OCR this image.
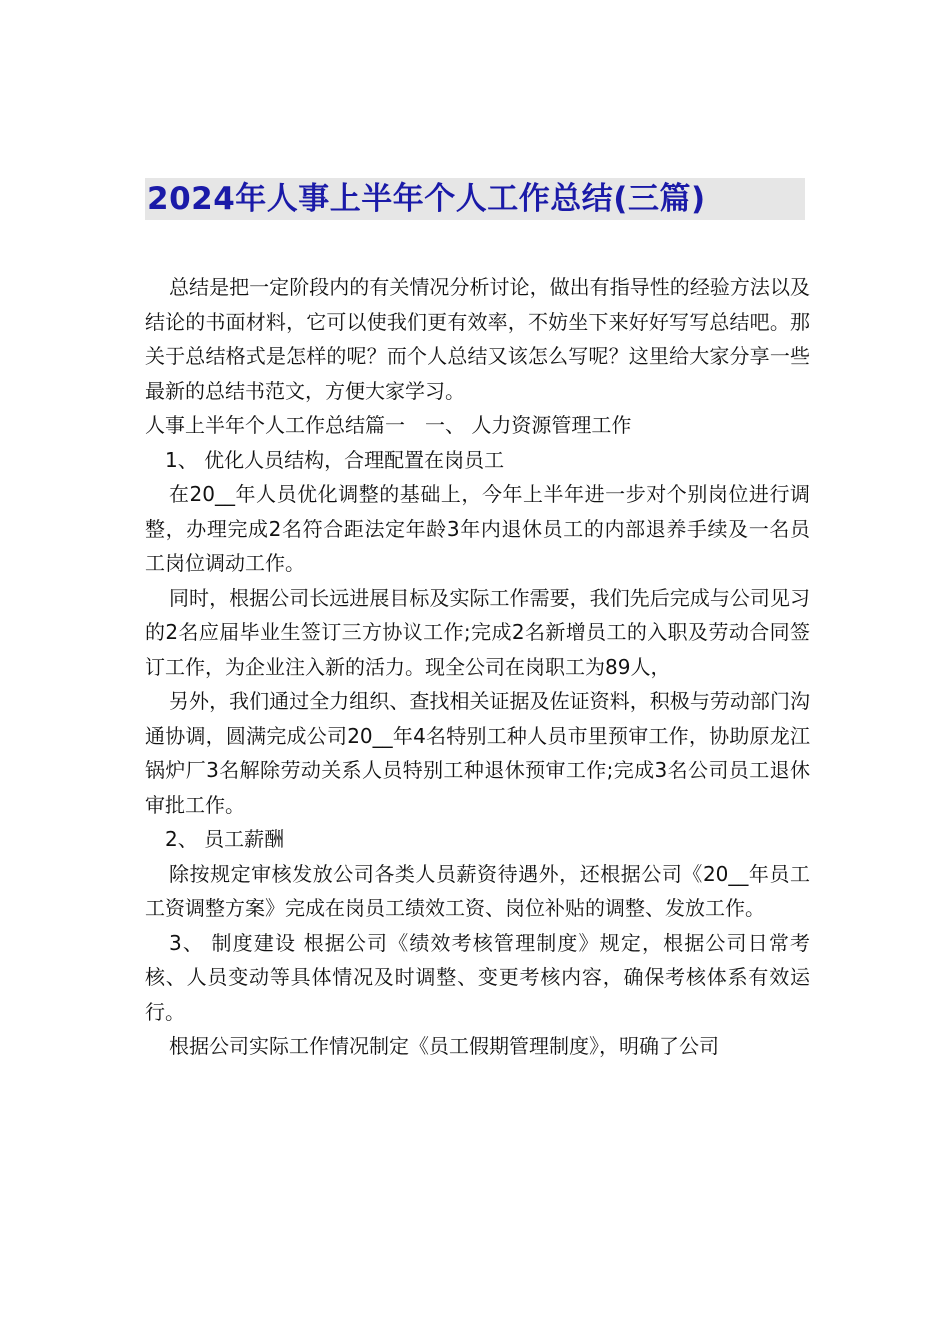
2024年人事上半年个人工作总结(三篇)

总结是把一定阶段内的有关情况分析讨论，做出有指导性的经验方法以及结论的书面材料，它可以使我们更有效率，不妨坐下来好好写写总结吧。那关于总结格式是怎样的呢？而个人总结又该怎么写呢？这里给大家分享一些最新的总结书范文，方便大家学习。

人事上半年个人工作总结篇一　一、 人力资源管理工作

1、 优化人员结构，合理配置在岗员工

在20__年人员优化调整的基础上，今年上半年进一步对个别岗位进行调整，办理完成2名符合距法定年龄3年内退休员工的内部退养手续及一名员工岗位调动工作。

同时，根据公司长远进展目标及实际工作需要，我们先后完成与公司见习的2名应届毕业生签订三方协议工作;完成2名新增员工的入职及劳动合同签订工作，为企业注入新的活力。现全公司在岗职工为89人，

另外，我们通过全力组织、查找相关证据及佐证资料，积极与劳动部门沟通协调，圆满完成公司20__年4名特别工种人员市里预审工作，协助原龙江锅炉厂3名解除劳动关系人员特别工种退休预审工作;完成3名公司员工退休审批工作。

2、 员工薪酬

除按规定审核发放公司各类人员薪资待遇外，还根据公司《20__年员工工资调整方案》完成在岗员工绩效工资、岗位补贴的调整、发放工作。

3、 制度建设 根据公司《绩效考核管理制度》规定，根据公司日常考核、人员变动等具体情况及时调整、变更考核内容，确保考核体系有效运行。

根据公司实际工作情况制定《员工假期管理制度》，明确了公司
